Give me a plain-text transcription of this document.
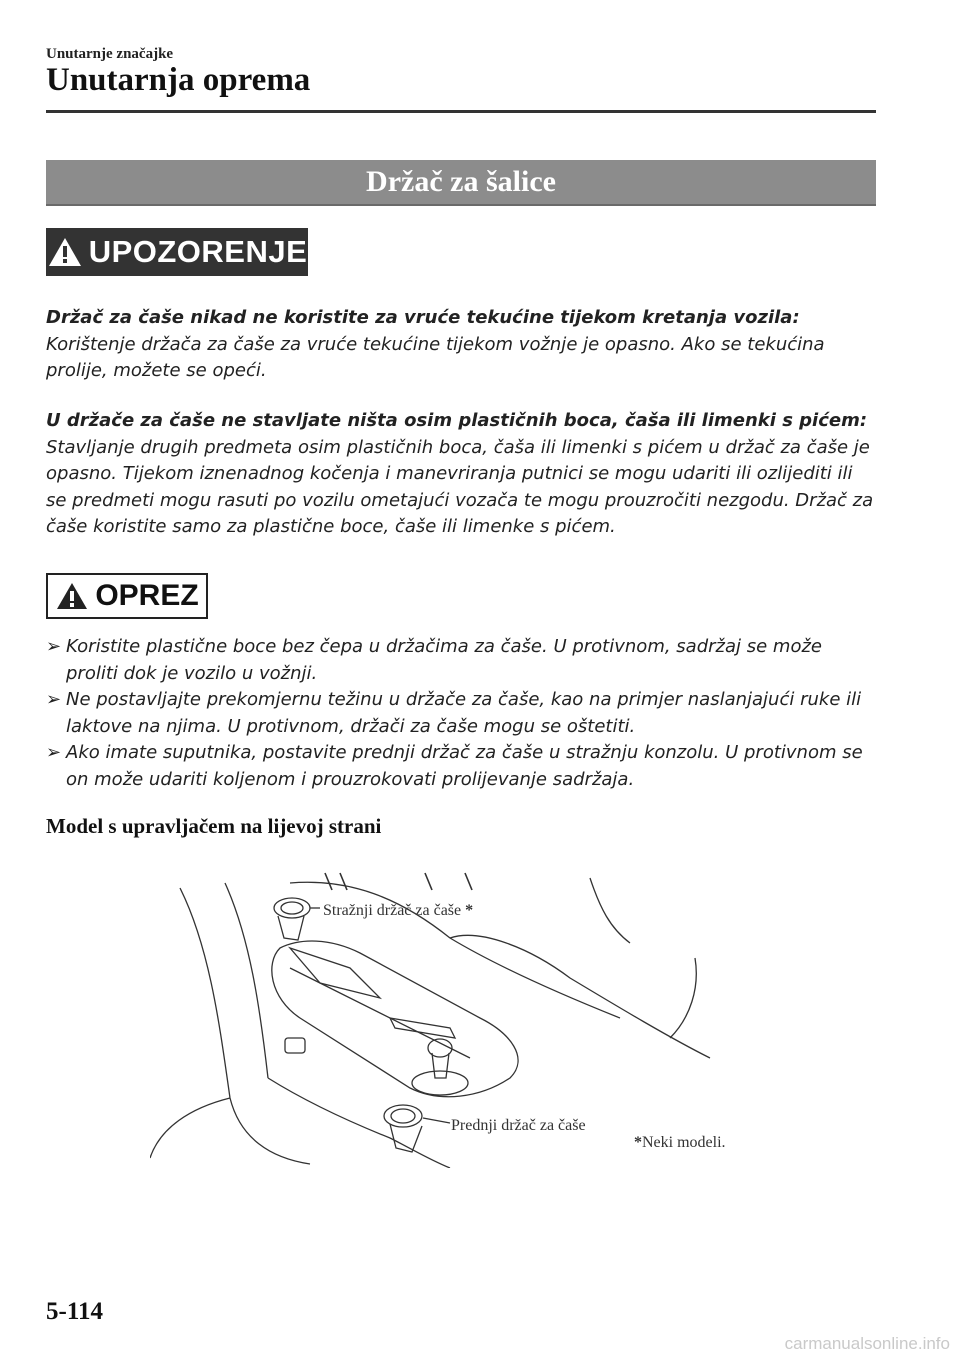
Unutarnje značajke
Unutarnja oprema
Držač za šalice
UPOZORENJE
Držač za čaše nikad ne koristite za vruće tekućine tijekom kretanja vozila:
Korištenje držača za čaše za vruće tekućine tijekom vožnje je opasno. Ako se tekućina prolije, možete se opeći.
U držače za čaše ne stavljate ništa osim plastičnih boca, čaša ili limenki s pićem:
Stavljanje drugih predmeta osim plastičnih boca, čaša ili limenki s pićem u držač za čaše je opasno. Tijekom iznenadnog kočenja i manevriranja putnici se mogu udariti ili ozlijediti ili se predmeti mogu rasuti po vozilu ometajući vozača te mogu prouzročiti nezgodu. Držač za čaše koristite samo za plastične boce, čaše ili limenke s pićem.
OPREZ
➢ Koristite plastične boce bez čepa u držačima za čaše. U protivnom, sadržaj se može proliti dok je vozilo u vožnji.
➢ Ne postavljajte prekomjernu težinu u držače za čaše, kao na primjer naslanjajući ruke ili laktove na njima. U protivnom, držači za čaše mogu se oštetiti.
➢ Ako imate suputnika, postavite prednji držač za čaše u stražnju konzolu. U protivnom se on može udariti koljenom i prouzrokovati prolijevanje sadržaja.
Model s upravljačem na lijevoj strani
Stražnji držač za čaše *
Prednji držač za čaše
*Neki modeli.
5-114
carmanualsonline.info
